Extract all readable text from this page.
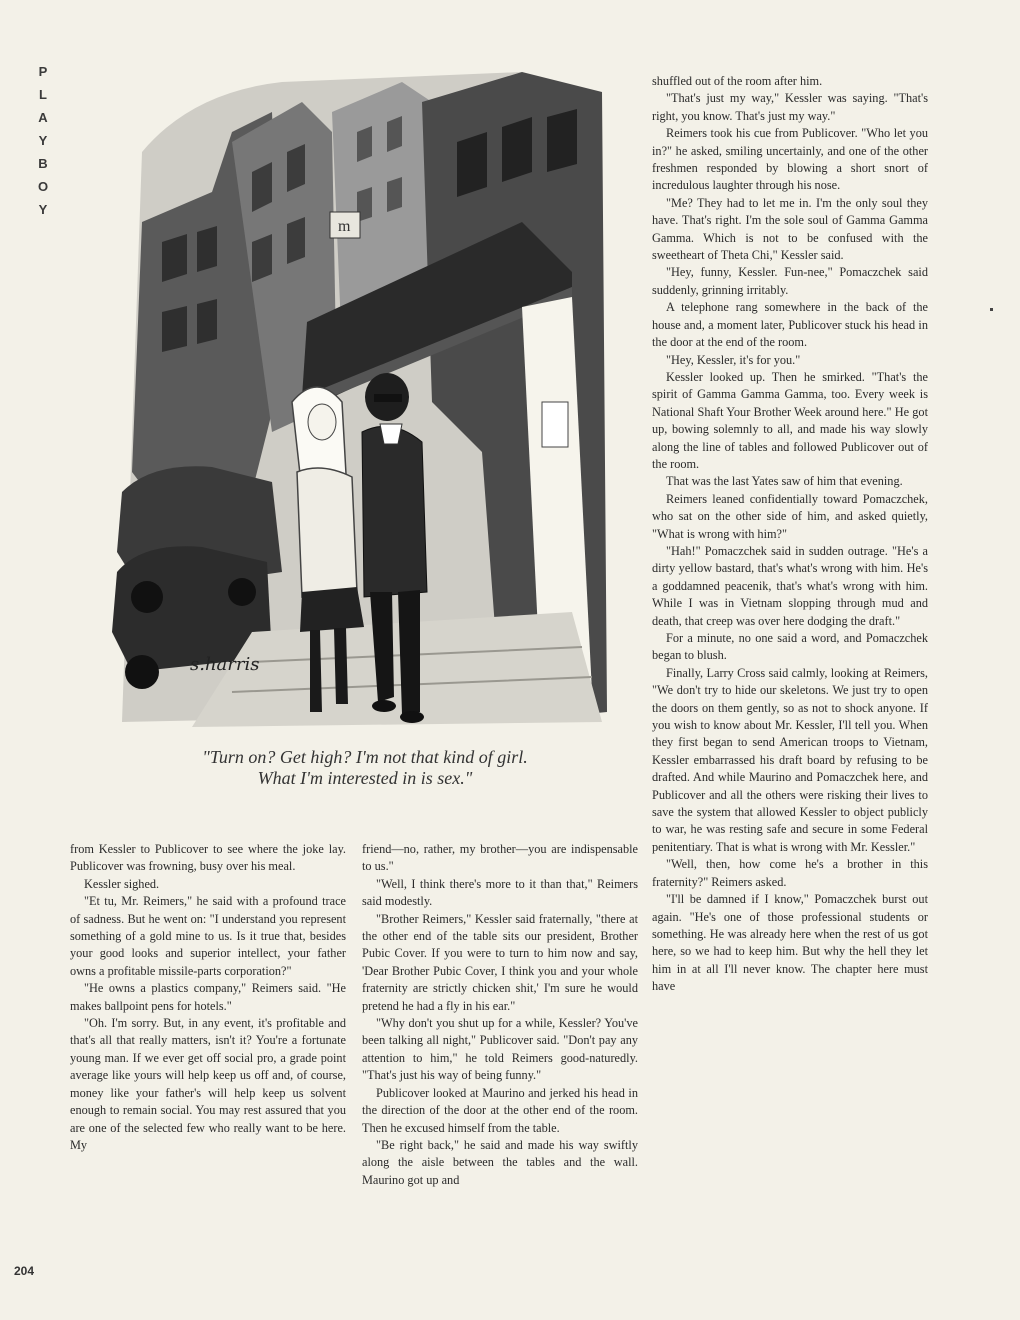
P
L
A
Y
B
O
Y
m
s.harris
"Turn on? Get high? I'm not that kind of girl.
What I'm interested in is sex."

from Kessler to Publicover to see where the joke lay. Publicover was frowning, busy over his meal.

Kessler sighed.

"Et tu, Mr. Reimers," he said with a profound trace of sadness. But he went on: "I understand you represent something of a gold mine to us. Is it true that, besides your good looks and superior intellect, your father owns a profitable missile-parts corporation?"

"He owns a plastics company," Reimers said. "He makes ballpoint pens for hotels."

"Oh. I'm sorry. But, in any event, it's profitable and that's all that really matters, isn't it? You're a fortunate young man. If we ever get off social pro, a grade point average like yours will help keep us off and, of course, money like your father's will help keep us solvent enough to remain social. You may rest assured that you are one of the selected few who really want to be here. My

friend—no, rather, my brother—you are indispensable to us."

"Well, I think there's more to it than that," Reimers said modestly.

"Brother Reimers," Kessler said fraternally, "there at the other end of the table sits our president, Brother Pubic Cover. If you were to turn to him now and say, 'Dear Brother Pubic Cover, I think you and your whole fraternity are strictly chicken shit,' I'm sure he would pretend he had a fly in his ear."

"Why don't you shut up for a while, Kessler? You've been talking all night," Publicover said. "Don't pay any attention to him," he told Reimers good-naturedly. "That's just his way of being funny."

Publicover looked at Maurino and jerked his head in the direction of the door at the other end of the room. Then he excused himself from the table.

"Be right back," he said and made his way swiftly along the aisle between the tables and the wall. Maurino got up and

shuffled out of the room after him.

"That's just my way," Kessler was saying. "That's right, you know. That's just my way."

Reimers took his cue from Publicover. "Who let you in?" he asked, smiling uncertainly, and one of the other freshmen responded by blowing a short snort of incredulous laughter through his nose.

"Me? They had to let me in. I'm the only soul they have. That's right. I'm the sole soul of Gamma Gamma Gamma. Which is not to be confused with the sweetheart of Theta Chi," Kessler said.

"Hey, funny, Kessler. Fun-nee," Pomaczchek said suddenly, grinning irritably.

A telephone rang somewhere in the back of the house and, a moment later, Publicover stuck his head in the door at the end of the room.

"Hey, Kessler, it's for you."

Kessler looked up. Then he smirked. "That's the spirit of Gamma Gamma Gamma, too. Every week is National Shaft Your Brother Week around here." He got up, bowing solemnly to all, and made his way slowly along the line of tables and followed Publicover out of the room.

That was the last Yates saw of him that evening.

Reimers leaned confidentially toward Pomaczchek, who sat on the other side of him, and asked quietly, "What is wrong with him?"

"Hah!" Pomaczchek said in sudden outrage. "He's a dirty yellow bastard, that's what's wrong with him. He's a goddamned peacenik, that's what's wrong with him. While I was in Vietnam slopping through mud and death, that creep was over here dodging the draft."

For a minute, no one said a word, and Pomaczchek began to blush.

Finally, Larry Cross said calmly, looking at Reimers, "We don't try to hide our skeletons. We just try to open the doors on them gently, so as not to shock anyone. If you wish to know about Mr. Kessler, I'll tell you. When they first began to send American troops to Vietnam, Kessler embarrassed his draft board by refusing to be drafted. And while Maurino and Pomaczchek here, and Publicover and all the others were risking their lives to save the system that allowed Kessler to object publicly to war, he was resting safe and secure in some Federal penitentiary. That is what is wrong with Mr. Kessler."

"Well, then, how come he's a brother in this fraternity?" Reimers asked.

"I'll be damned if I know," Pomaczchek burst out again. "He's one of those professional students or something. He was already here when the rest of us got here, so we had to keep him. But why the hell they let him in at all I'll never know. The chapter here must have

204
